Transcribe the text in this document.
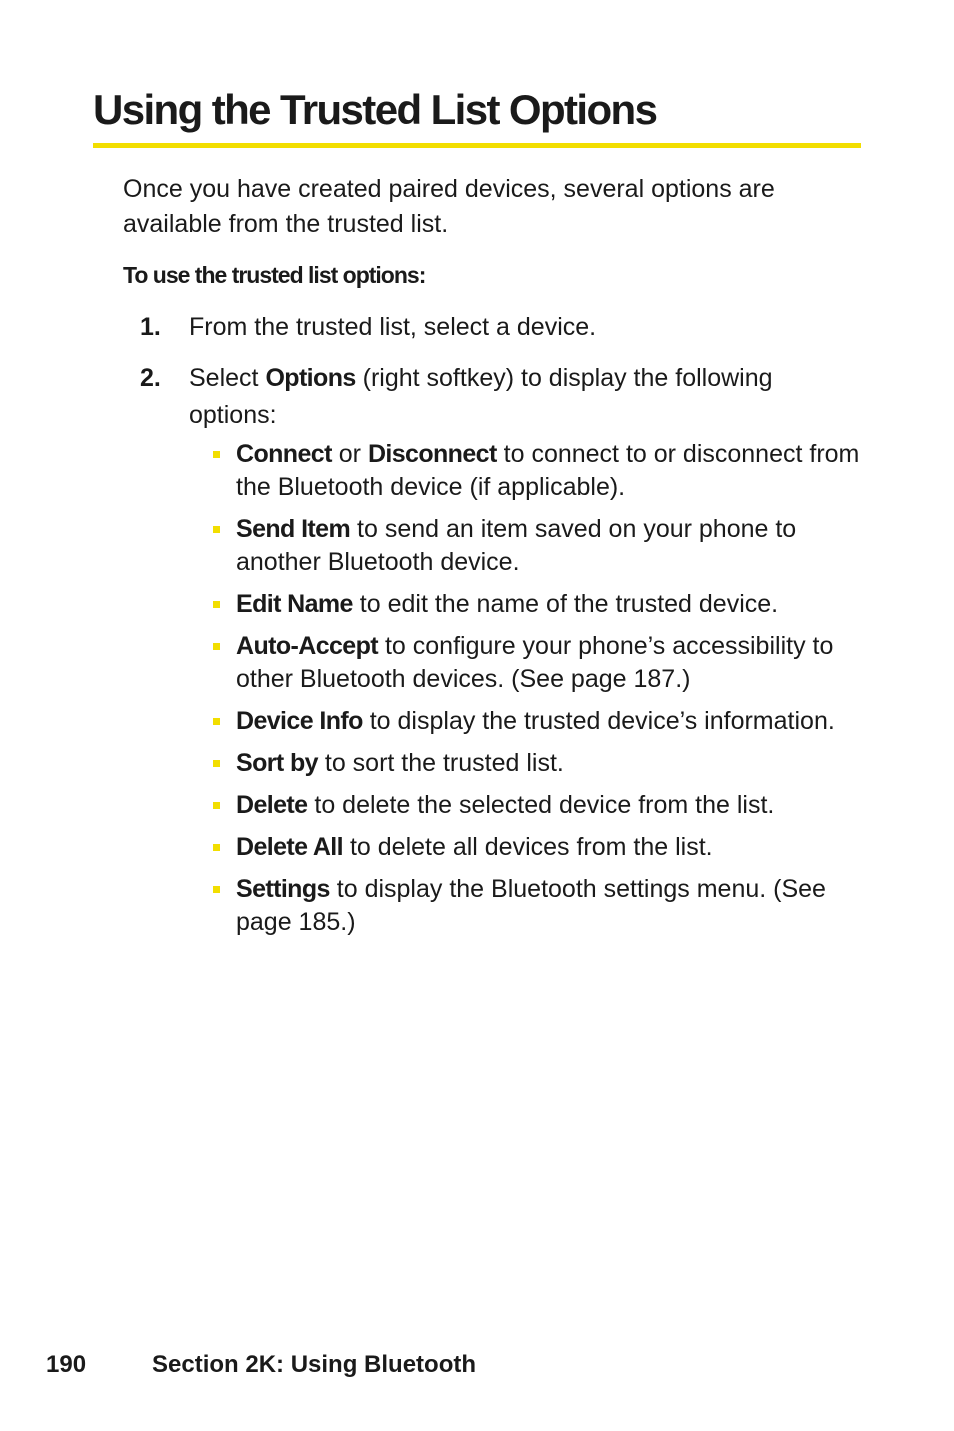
Using the Trusted List Options

Once you have created paired devices, several options are available from the trusted list.

To use the trusted list options:

1. From the trusted list, select a device.
2. Select Options (right softkey) to display the following options:
Connect or Disconnect to connect to or disconnect from the Bluetooth device (if applicable).
Send Item to send an item saved on your phone to another Bluetooth device.
Edit Name to edit the name of the trusted device.
Auto-Accept to configure your phone’s accessibility to other Bluetooth devices. (See page 187.)
Device Info to display the trusted device’s information.
Sort by to sort the trusted list.
Delete to delete the selected device from the list.
Delete All to delete all devices from the list.
Settings to display the Bluetooth settings menu. (See page 185.)
190	Section 2K: Using Bluetooth
